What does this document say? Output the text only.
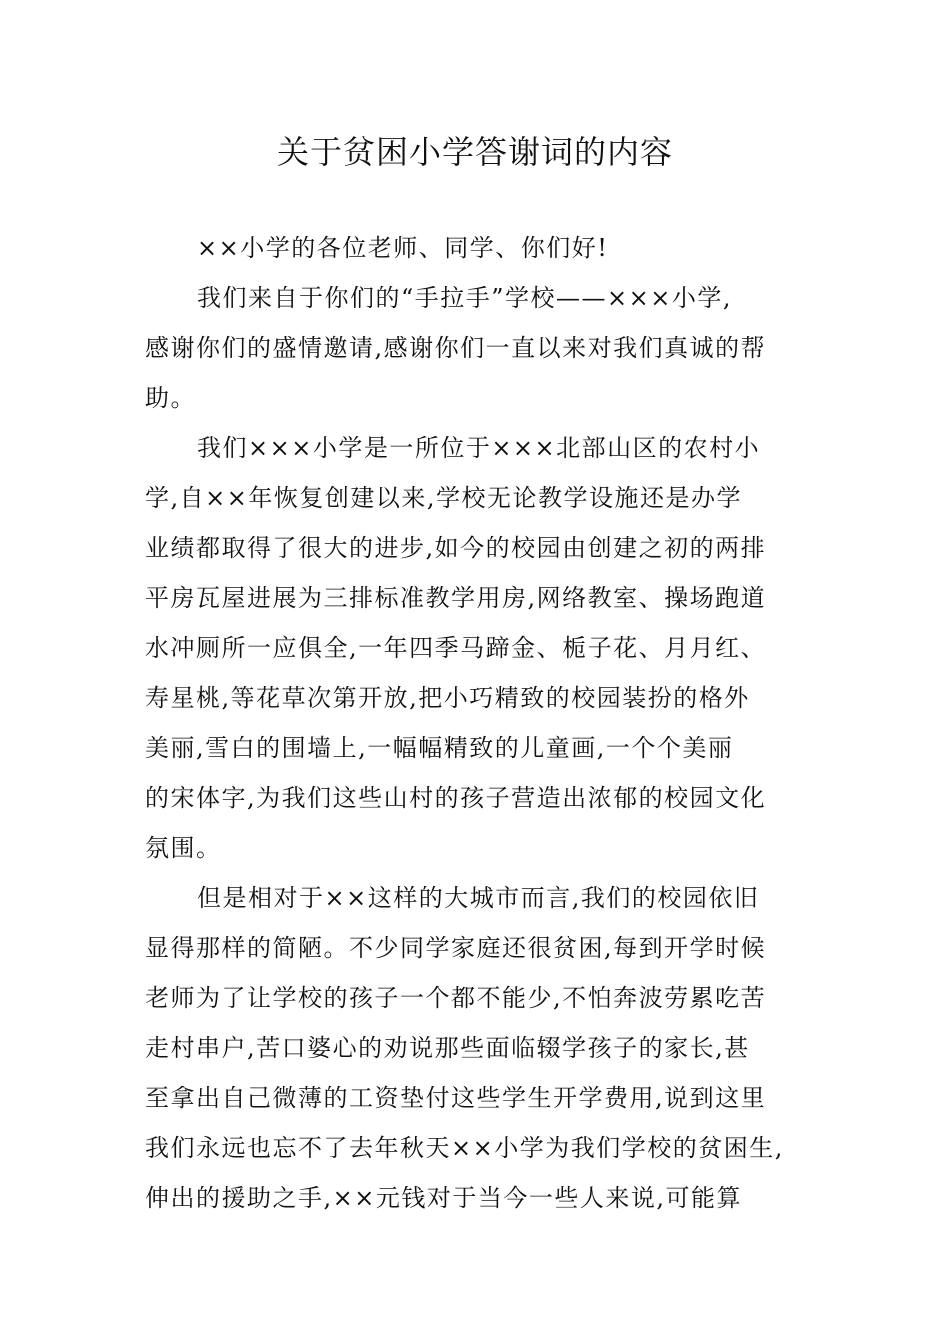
关于贫困小学答谢词的内容
××小学的各位老师、同学、你们好!
我们来自于你们的“手拉手”学校——×××小学,
感谢你们的盛情邀请,感谢你们一直以来对我们真诚的帮
助。
我们×××小学是一所位于×××北部山区的农村小
学,自××年恢复创建以来,学校无论教学设施还是办学
业绩都取得了很大的进步,如今的校园由创建之初的两排
平房瓦屋进展为三排标准教学用房,网络教室、操场跑道
水冲厕所一应俱全,一年四季马蹄金、栀子花、月月红、
寿星桃,等花草次第开放,把小巧精致的校园装扮的格外
美丽,雪白的围墙上,一幅幅精致的儿童画,一个个美丽
的宋体字,为我们这些山村的孩子营造出浓郁的校园文化
氛围。
但是相对于××这样的大城市而言,我们的校园依旧
显得那样的简陋。不少同学家庭还很贫困,每到开学时候
老师为了让学校的孩子一个都不能少,不怕奔波劳累吃苦
走村串户,苦口婆心的劝说那些面临辍学孩子的家长,甚
至拿出自己微薄的工资垫付这些学生开学费用,说到这里
我们永远也忘不了去年秋天××小学为我们学校的贫困生,
伸出的援助之手,××元钱对于当今一些人来说,可能算
